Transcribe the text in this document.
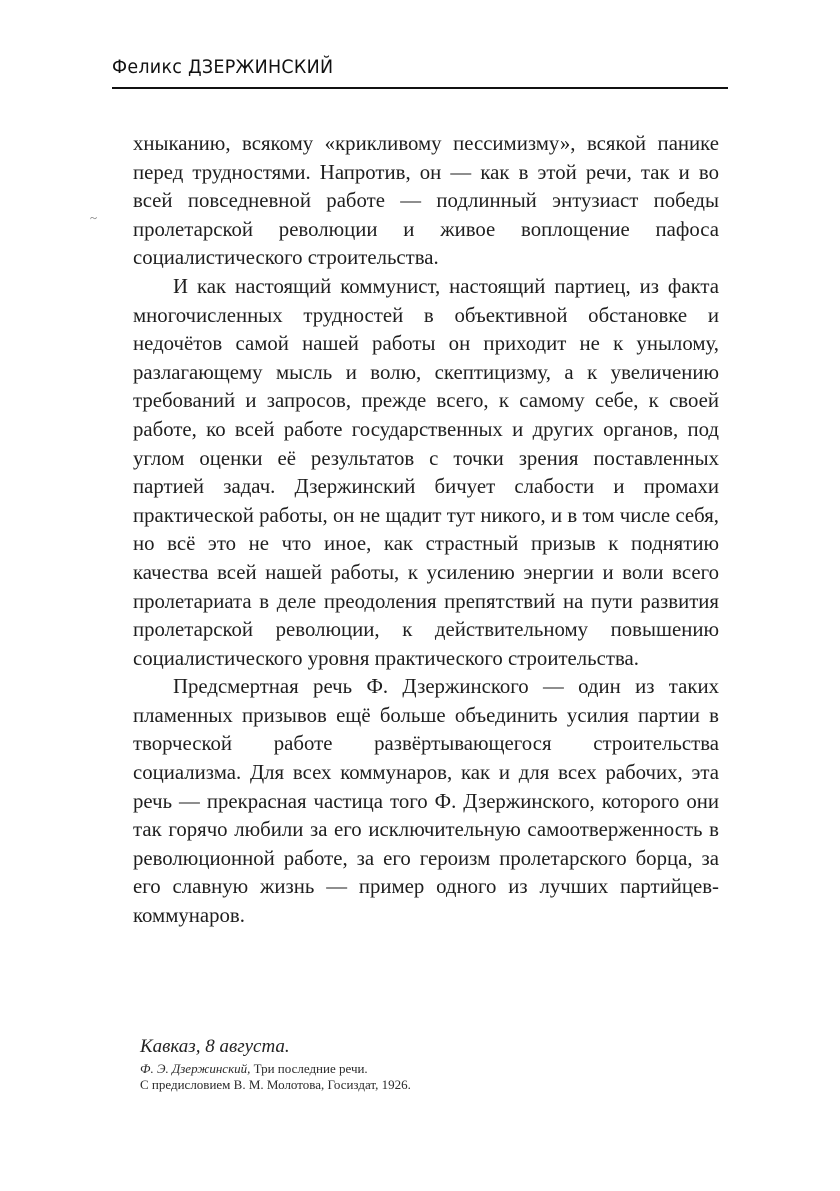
Феликс ДЗЕРЖИНСКИЙ
~

хныканию, всякому «крикливому пессимизму», всякой панике перед трудностями. Напротив, он — как в этой речи, так и во всей повседневной работе — подлинный энтузиаст победы пролетарской революции и живое воплощение пафоса социалистического строительства.

И как настоящий коммунист, настоящий партиец, из факта многочисленных трудностей в объективной обстановке и недочётов самой нашей работы он приходит не к унылому, разлагающему мысль и волю, скептицизму, а к увеличению требований и запросов, прежде всего, к самому себе, к своей работе, ко всей работе государственных и других органов, под углом оценки её результатов с точки зрения поставленных партией задач. Дзержинский бичует слабости и промахи практической работы, он не щадит тут никого, и в том числе себя, но всё это не что иное, как страстный призыв к поднятию качества всей нашей работы, к усилению энергии и воли всего пролетариата в деле преодоления препятствий на пути развития пролетарской революции, к действительному повышению социалистического уровня практического строительства.

Предсмертная речь Ф. Дзержинского — один из таких пламенных призывов ещё больше объединить усилия партии в творческой работе развёртывающегося строительства социализма. Для всех коммунаров, как и для всех рабочих, эта речь — прекрасная частица того Ф. Дзержинского, которого они так горячо любили за его исключительную самоотверженность в революционной работе, за его героизм пролетарского борца, за его славную жизнь — пример одного из лучших партийцев-коммунаров.

Кавказ, 8 августа.

Ф. Э. Дзержинский, Три последние речи.

С предисловием В. М. Молотова, Госиздат, 1926.
